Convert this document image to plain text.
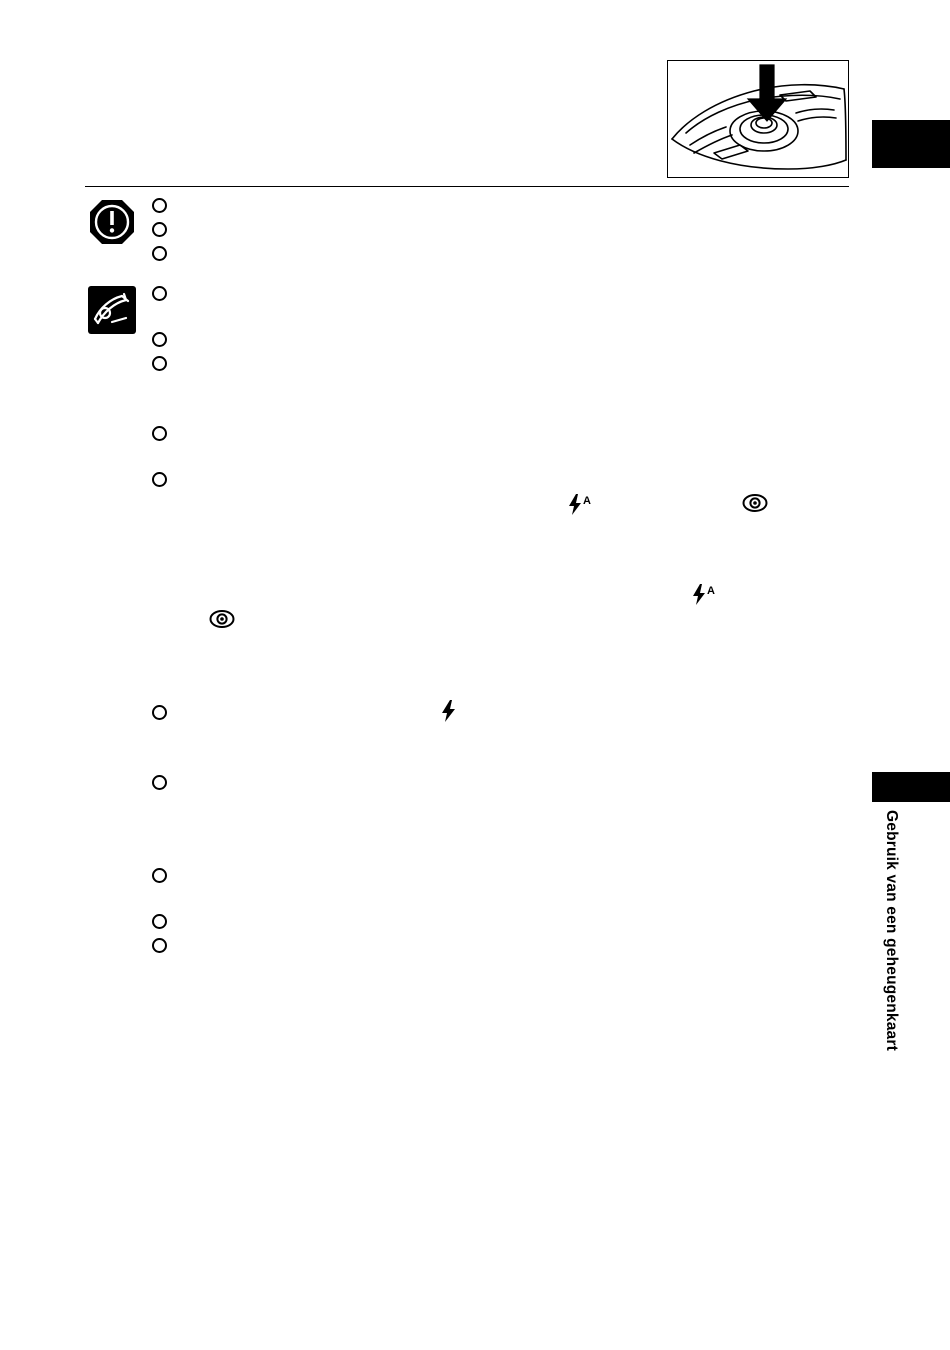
Gebruik van een geheugenkaart
A
A
